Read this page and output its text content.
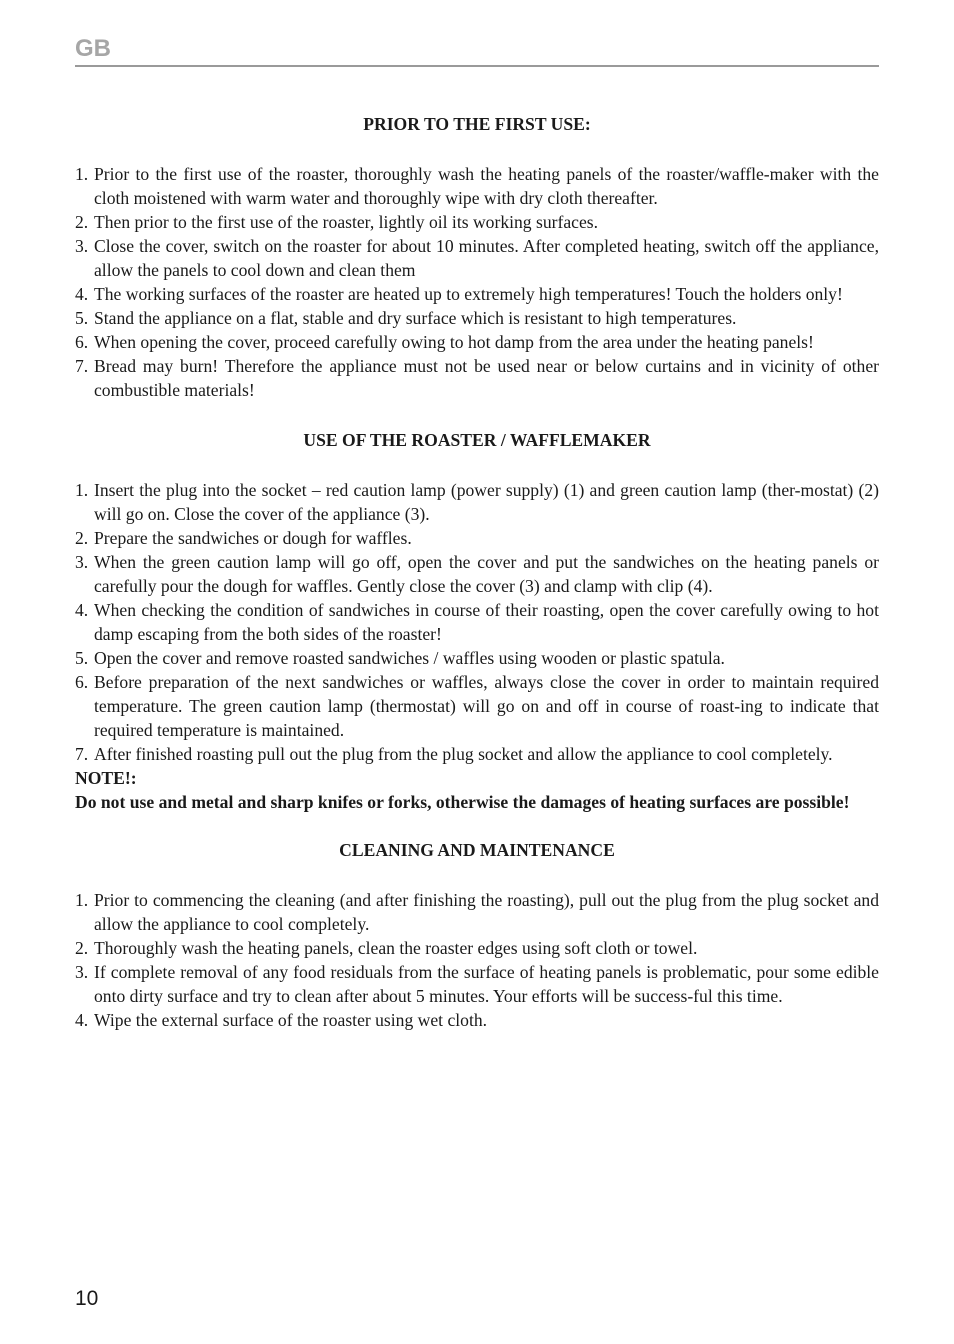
GB
PRIOR TO THE FIRST USE:
1. Prior to the first use of the roaster, thoroughly wash the heating panels of the roaster/waffle-maker with the cloth moistened with warm water and thoroughly wipe with dry cloth thereafter.
2. Then prior to the first use of the roaster, lightly oil its working surfaces.
3. Close the cover, switch on the roaster for about 10 minutes. After completed heating, switch off the appliance, allow the panels to cool down and clean them
4. The working surfaces of the roaster are heated up to extremely high temperatures! Touch the holders only!
5. Stand the appliance on a flat, stable and dry surface which is resistant to high temperatures.
6. When opening the cover, proceed carefully owing to hot damp from the area under the heating panels!
7. Bread may burn! Therefore the appliance must not be used near or below curtains and in vicinity of other combustible materials!
USE OF THE ROASTER / WAFFLEMAKER
1. Insert the plug into the socket – red caution lamp (power supply) (1) and green caution lamp (ther-mostat) (2) will go on. Close the cover of the appliance (3).
2. Prepare the sandwiches or dough for waffles.
3. When the green caution lamp will go off, open the cover and put the sandwiches on the heating panels or carefully pour the dough for waffles. Gently close the cover (3) and clamp with clip (4).
4. When checking the condition of sandwiches in course of their roasting, open the cover carefully owing to hot damp escaping from the both sides of the roaster!
5. Open the cover and remove roasted sandwiches / waffles using wooden or plastic spatula.
6. Before preparation of the next sandwiches or waffles, always close the cover in order to maintain required temperature. The green caution lamp (thermostat) will go on and off in course of roast-ing to indicate that required temperature is maintained.
7. After finished roasting pull out the plug from the plug socket and allow the appliance to cool completely.
NOTE!:
Do not use and metal and sharp knifes or forks, otherwise the damages of heating surfaces are possible!
CLEANING AND MAINTENANCE
1. Prior to commencing the cleaning (and after finishing the roasting), pull out the plug from the plug socket and allow the appliance to cool completely.
2. Thoroughly wash the heating panels, clean the roaster edges using soft cloth or towel.
3. If complete removal of any food residuals from the surface of heating panels is problematic, pour some edible onto dirty surface and try to clean after about 5 minutes. Your efforts will be success-ful this time.
4. Wipe the external surface of the roaster using wet cloth.
10
